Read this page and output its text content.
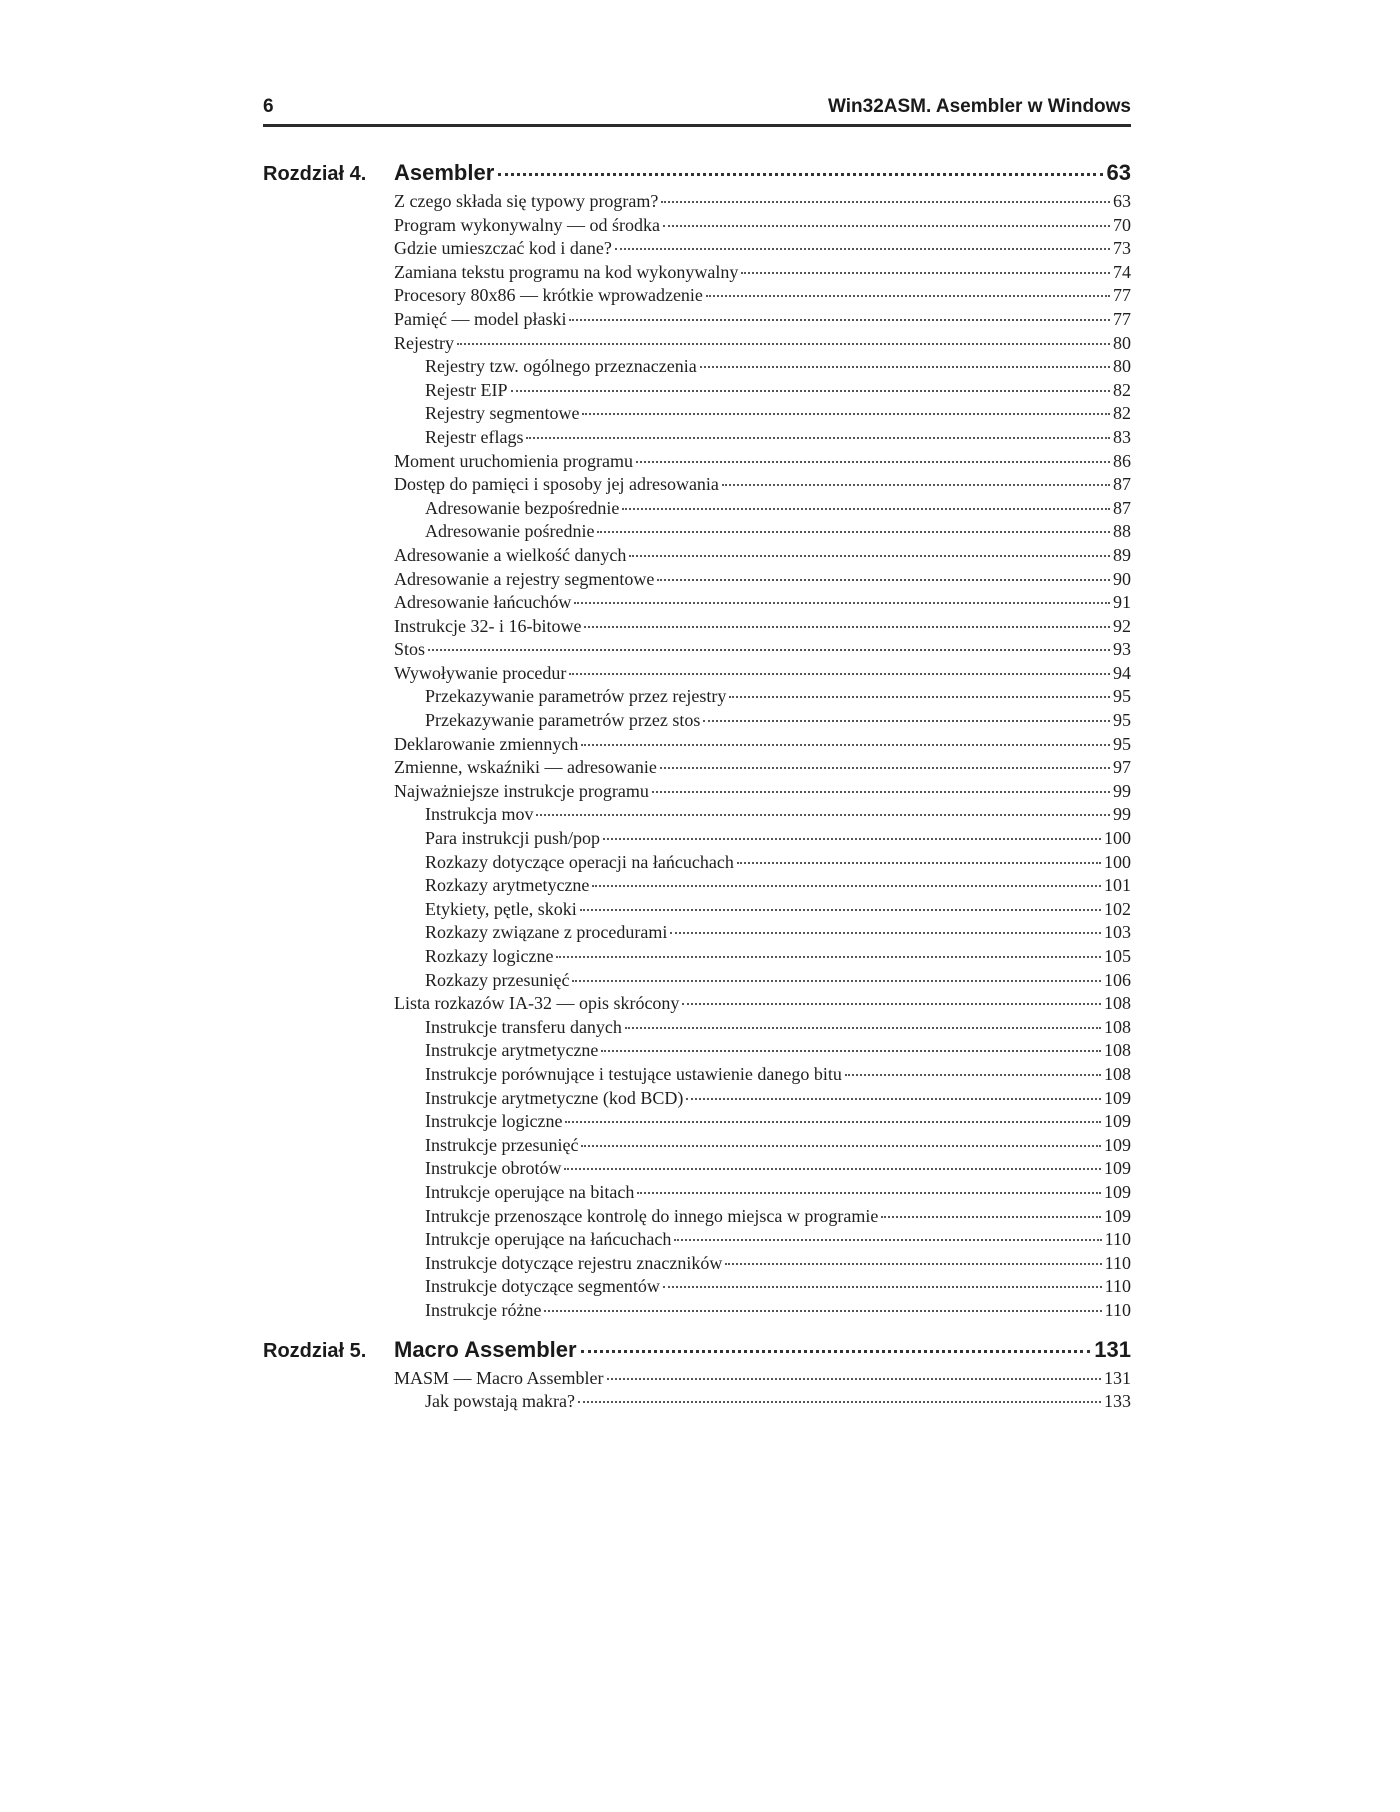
6	Win32ASM. Asembler w Windows
Rozdział 4. Asembler	63
Z czego składa się typowy program?	63
Program wykonywalny — od środka	70
Gdzie umieszczać kod i dane?	73
Zamiana tekstu programu na kod wykonywalny	74
Procesory 80x86 — krótkie wprowadzenie	77
Pamięć — model płaski	77
Rejestry	80
Rejestry tzw. ogólnego przeznaczenia	80
Rejestr EIP	82
Rejestry segmentowe	82
Rejestr eflags	83
Moment uruchomienia programu	86
Dostęp do pamięci i sposoby jej adresowania	87
Adresowanie bezpośrednie	87
Adresowanie pośrednie	88
Adresowanie a wielkość danych	89
Adresowanie a rejestry segmentowe	90
Adresowanie łańcuchów	91
Instrukcje 32- i 16-bitowe	92
Stos	93
Wywoływanie procedur	94
Przekazywanie parametrów przez rejestry	95
Przekazywanie parametrów przez stos	95
Deklarowanie zmiennych	95
Zmienne, wskaźniki — adresowanie	97
Najważniejsze instrukcje programu	99
Instrukcja mov	99
Para instrukcji push/pop	100
Rozkazy dotyczące operacji na łańcuchach	100
Rozkazy arytmetyczne	101
Etykiety, pętle, skoki	102
Rozkazy związane z procedurami	103
Rozkazy logiczne	105
Rozkazy przesunięć	106
Lista rozkazów IA-32 –– opis skrócony	108
Instrukcje transferu danych	108
Instrukcje arytmetyczne	108
Instrukcje porównujące i testujące ustawienie danego bitu	108
Instrukcje arytmetyczne (kod BCD)	109
Instrukcje logiczne	109
Instrukcje przesunięć	109
Instrukcje obrotów	109
Intrukcje operujące na bitach	109
Intrukcje przenoszące kontrolę do innego miejsca w programie	109
Intrukcje operujące na łańcuchach	110
Instrukcje dotyczące rejestru znaczników	110
Instrukcje dotyczące segmentów	110
Instrukcje różne	110
Rozdział 5. Macro Assembler	131
MASM — Macro Assembler	131
Jak powstają makra?	133
